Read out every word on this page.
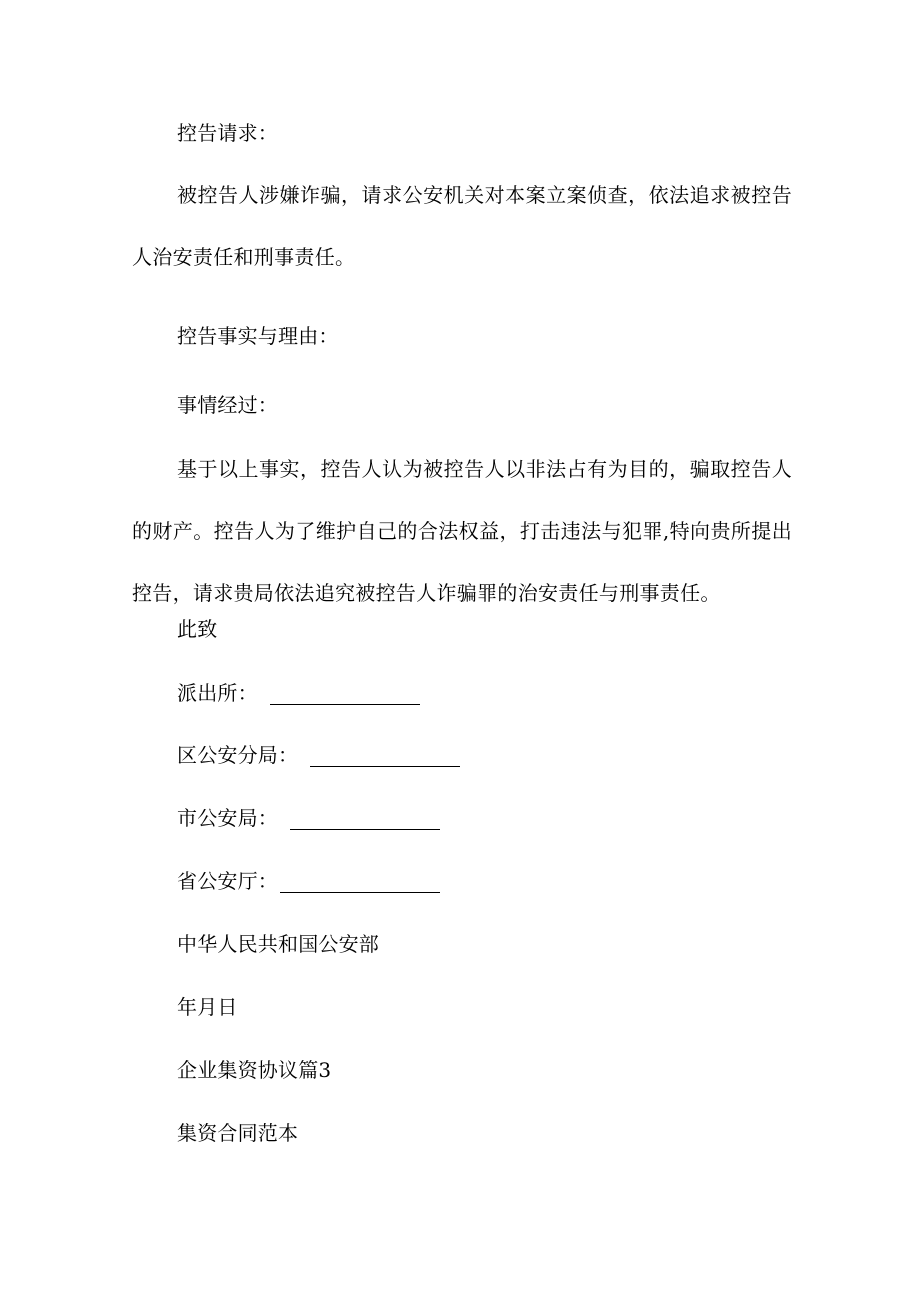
控告请求：
被控告人涉嫌诈骗，请求公安机关对本案立案侦查，依法追求被控告人治安责任和刑事责任。
控告事实与理由：
事情经过：
基于以上事实，控告人认为被控告人以非法占有为目的，骗取控告人的财产。控告人为了维护自己的合法权益，打击违法与犯罪,特向贵所提出控告，请求贵局依法追究被控告人诈骗罪的治安责任与刑事责任。
此致
派出所：
区公安分局：
市公安局：
省公安厅：
中华人民共和国公安部
年月日
企业集资协议篇3
集资合同范本
